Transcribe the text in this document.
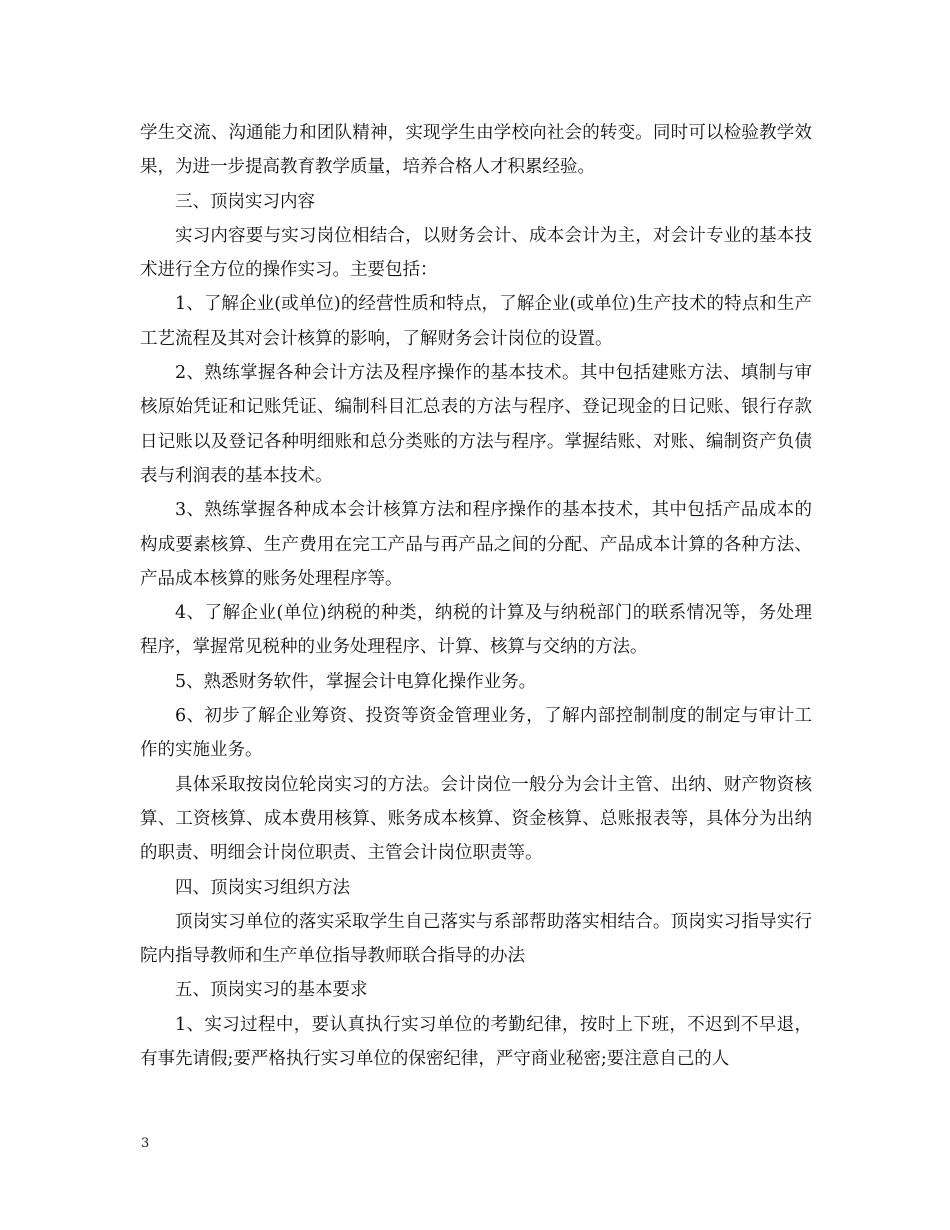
学生交流、沟通能力和团队精神，实现学生由学校向社会的转变。同时可以检验教学效果，为进一步提高教育教学质量，培养合格人才积累经验。

三、顶岗实习内容

实习内容要与实习岗位相结合，以财务会计、成本会计为主，对会计专业的基本技术进行全方位的操作实习。主要包括：

1、了解企业(或单位)的经营性质和特点，了解企业(或单位)生产技术的特点和生产工艺流程及其对会计核算的影响，了解财务会计岗位的设置。

2、熟练掌握各种会计方法及程序操作的基本技术。其中包括建账方法、填制与审核原始凭证和记账凭证、编制科目汇总表的方法与程序、登记现金的日记账、银行存款日记账以及登记各种明细账和总分类账的方法与程序。掌握结账、对账、编制资产负债表与利润表的基本技术。

3、熟练掌握各种成本会计核算方法和程序操作的基本技术，其中包括产品成本的构成要素核算、生产费用在完工产品与再产品之间的分配、产品成本计算的各种方法、产品成本核算的账务处理程序等。

4、了解企业(单位)纳税的种类，纳税的计算及与纳税部门的联系情况等，务处理程序，掌握常见税种的业务处理程序、计算、核算与交纳的方法。

5、熟悉财务软件，掌握会计电算化操作业务。

6、初步了解企业筹资、投资等资金管理业务，了解内部控制制度的制定与审计工作的实施业务。

具体采取按岗位轮岗实习的方法。会计岗位一般分为会计主管、出纳、财产物资核算、工资核算、成本费用核算、账务成本核算、资金核算、总账报表等，具体分为出纳的职责、明细会计岗位职责、主管会计岗位职责等。

四、顶岗实习组织方法

顶岗实习单位的落实采取学生自己落实与系部帮助落实相结合。顶岗实习指导实行院内指导教师和生产单位指导教师联合指导的办法

五、顶岗实习的基本要求

1、实习过程中，要认真执行实习单位的考勤纪律，按时上下班，不迟到不早退，有事先请假;要严格执行实习单位的保密纪律，严守商业秘密;要注意自己的人

3
